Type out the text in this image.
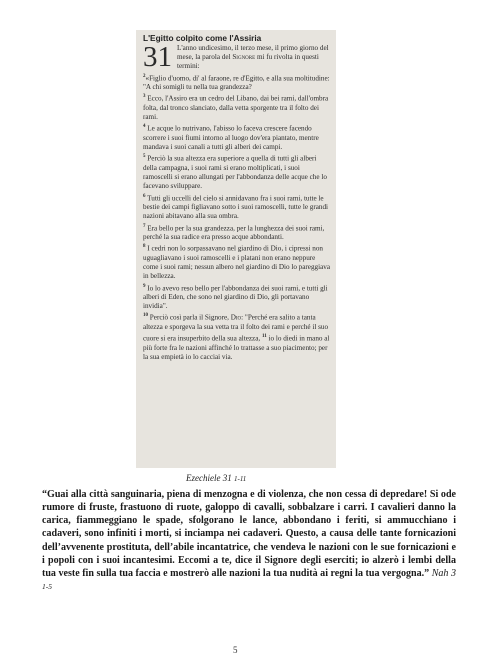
L'Egitto colpito come l'Assiria
31 L'anno undicesimo, il terzo mese, il primo giorno del mese, la parola del Signore mi fu rivolta in questi termini:

$^2$«Figlio d'uomo, di' al faraone, re d'Egitto, e alla sua moltitudine: "A chi somigli tu nella tua grandezza?

$^3$ Ecco, l'Assiro era un cedro del Libano, dai bei rami, dall'ombra folta, dal tronco slanciato, dalla vetta sporgente tra il folto dei rami.

$^4$ Le acque lo nutrivano, l'abisso lo faceva crescere facendo scorrere i suoi fiumi intorno al luogo dov'era piantato, mentre mandava i suoi canali a tutti gli alberi dei campi.

$^5$ Perciò la sua altezza era superiore a quella di tutti gli alberi della campagna, i suoi rami si erano moltiplicati, i suoi ramoscelli si erano allungati per l'abbondanza delle acque che lo facevano sviluppare.

$^6$ Tutti gli uccelli del cielo si annidavano fra i suoi rami, tutte le bestie dei campi figliavano sotto i suoi ramoscelli, tutte le grandi nazioni abitavano alla sua ombra.

$^7$ Era bello per la sua grandezza, per la lunghezza dei suoi rami, perché la sua radice era presso acque abbondanti.

$^8$ I cedri non lo sorpassavano nel giardino di Dio, i cipressi non uguagliavano i suoi ramoscelli e i platani non erano neppure come i suoi rami; nessun albero nel giardino di Dio lo pareggiava in bellezza.

$^9$ Io lo avevo reso bello per l'abbondanza dei suoi rami, e tutti gli alberi di Eden, che sono nel giardino di Dio, gli portavano invidia".

$^{10}$ Perciò così parla il Signore, Dio: "Perché era salito a tanta altezza e sporgeva la sua vetta tra il folto dei rami e perché il suo cuore si era insuperbito della sua altezza, $^{11}$ io lo diedi in mano al più forte fra le nazioni affinché lo trattasse a suo piacimento; per la sua empietà io lo cacciai via.

Ezechiele 31 1-11
“Guai alla città sanguinaria, piena di menzogna e di violenza, che non cessa di depredare! Si ode rumore di fruste, frastuono di ruote, galoppo di cavalli, sobbalzare i carri. I cavalieri danno la carica, fiammeggiano le spade, sfolgorano le lance, abbondano i feriti, si ammucchiano i cadaveri, sono infiniti i morti, si inciampa nei cadaveri. Questo, a causa delle tante fornicazioni dell’avvenente prostituta, dell’abile incantatrice, che vendeva le nazioni con le sue fornicazioni e i popoli con i suoi incantesimi. Eccomi a te, dice il Signore degli eserciti; io alzerò i lembi della tua veste fin sulla tua faccia e mostrerò alle nazioni la tua nudità ai regni la tua vergogna.” Nah 3 1-5
5
